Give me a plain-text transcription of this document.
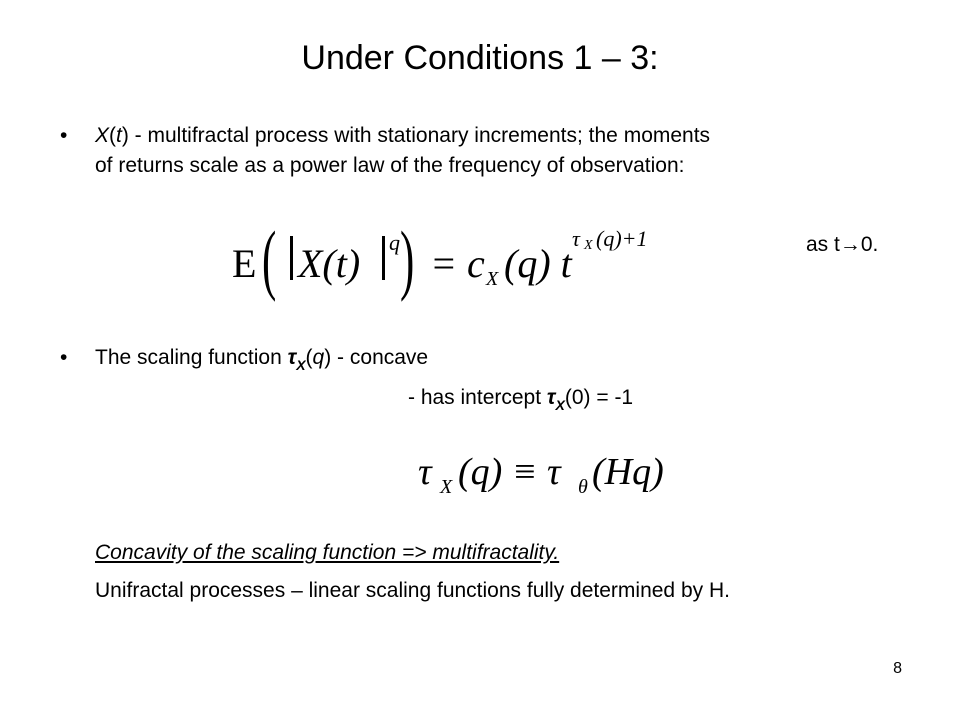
Under Conditions 1 – 3:
• X(t) - multifractal process with stationary increments; the moments
of returns scale as a power law of the frequency of observation:
E ( X(t) q ) = c X (q) t
τ X (q)+1	as t→0.
• The scaling function $\tau_X(q)$ - concave
- has intercept $\tau_X(0) = -1$
τ X (q) ≡ τ θ (Hq)
Concavity of the scaling function => multifractality.
Unifractal processes – linear scaling functions fully determined by H.
8
